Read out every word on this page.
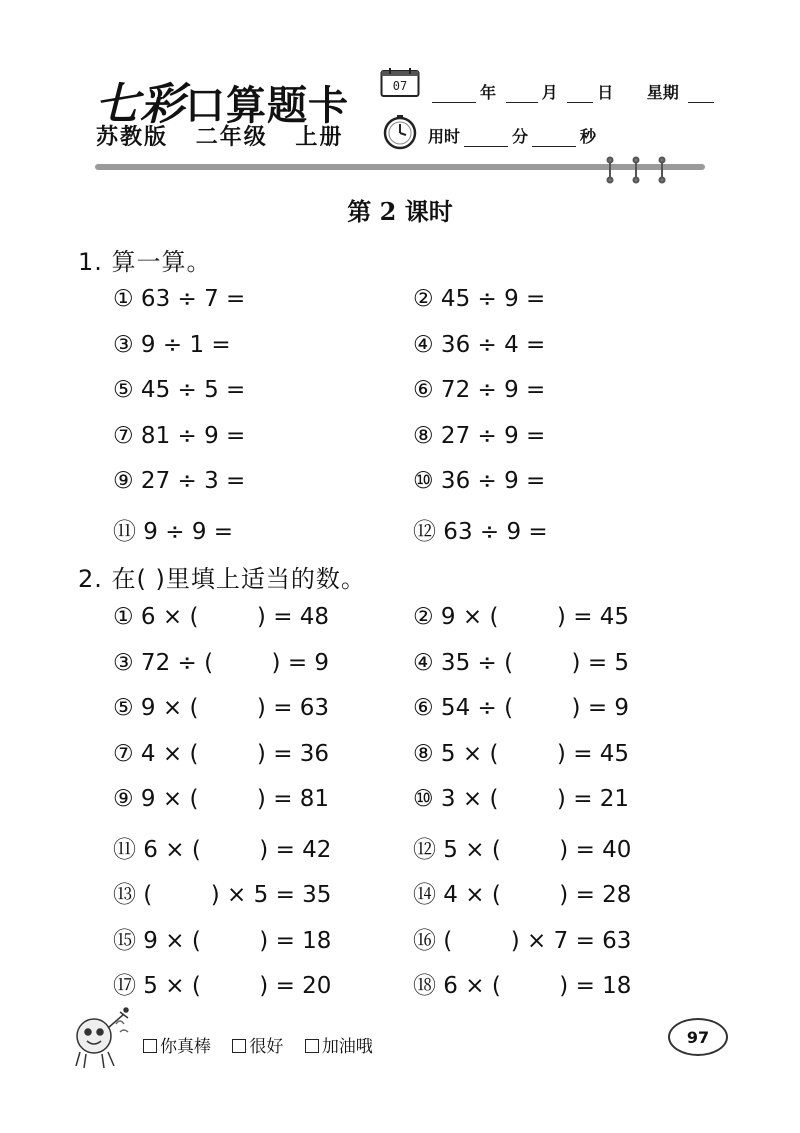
七彩口算题卡
苏教版 二年级 上册
07	年	月 日 星期
用时	分	秒
第 2 课时
1. 算一算。
① 63 ÷ 7 =	② 45 ÷ 9 =
③ 9 ÷ 1 =	④ 36 ÷ 4 =
⑤ 45 ÷ 5 =	⑥ 72 ÷ 9 =
⑦ 81 ÷ 9 =	⑧ 27 ÷ 9 =
⑨ 27 ÷ 3 =	⑩ 36 ÷ 9 =
⑪ 9 ÷ 9 =	⑫ 63 ÷ 9 =
2. 在( )里填上适当的数。
① 6 × (        ) = 48	② 9 × (        ) = 45
③ 72 ÷ (        ) = 9	④ 35 ÷ (        ) = 5
⑤ 9 × (        ) = 63	⑥ 54 ÷ (        ) = 9
⑦ 4 × (        ) = 36	⑧ 5 × (        ) = 45
⑨ 9 × (        ) = 81	⑩ 3 × (        ) = 21
⑪ 6 × (        ) = 42	⑫ 5 × (        ) = 40
⑬ (        ) × 5 = 35	⑭ 4 × (        ) = 28
⑮ 9 × (        ) = 18	⑯ (        ) × 7 = 63
⑰ 5 × (        ) = 20	⑱ 6 × (        ) = 18
你真棒 很好 加油哦	97
